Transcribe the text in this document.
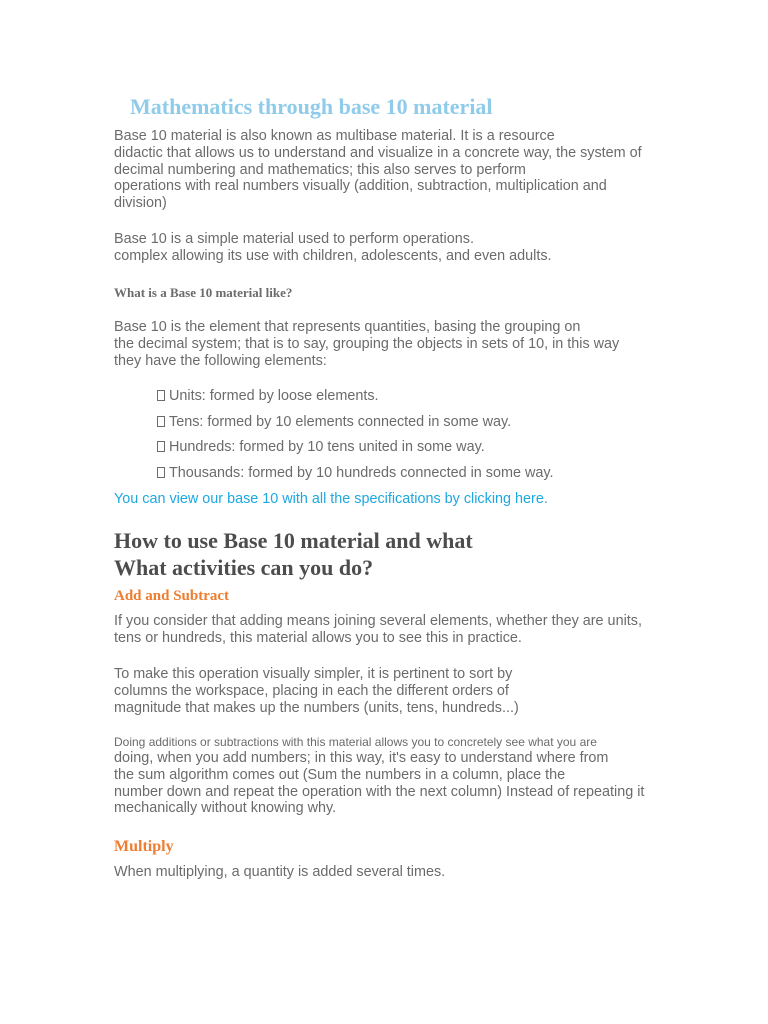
Mathematics through base 10 material

Base 10 material is also known as multibase material. It is a resource
didactic that allows us to understand and visualize in a concrete way, the system of
decimal numbering and mathematics; this also serves to perform
operations with real numbers visually (addition, subtraction, multiplication and
division)

Base 10 is a simple material used to perform operations.
complex allowing its use with children, adolescents, and even adults.

What is a Base 10 material like?

Base 10 is the element that represents quantities, basing the grouping on
the decimal system; that is to say, grouping the objects in sets of 10, in this way
they have the following elements:

Units: formed by loose elements.
Tens: formed by 10 elements connected in some way.
Hundreds: formed by 10 tens united in some way.
Thousands: formed by 10 hundreds connected in some way.
You can view our base 10 with all the specifications by clicking here.
How to use Base 10 material and what
What activities can you do?
Add and Subtract

If you consider that adding means joining several elements, whether they are units,
tens or hundreds, this material allows you to see this in practice.

To make this operation visually simpler, it is pertinent to sort by
columns the workspace, placing in each the different orders of
magnitude that makes up the numbers (units, tens, hundreds...)

Doing additions or subtractions with this material allows you to concretely see what you are
doing, when you add numbers; in this way, it's easy to understand where from
the sum algorithm comes out (Sum the numbers in a column, place the
number down and repeat the operation with the next column) Instead of repeating it
mechanically without knowing why.

Multiply

When multiplying, a quantity is added several times.
